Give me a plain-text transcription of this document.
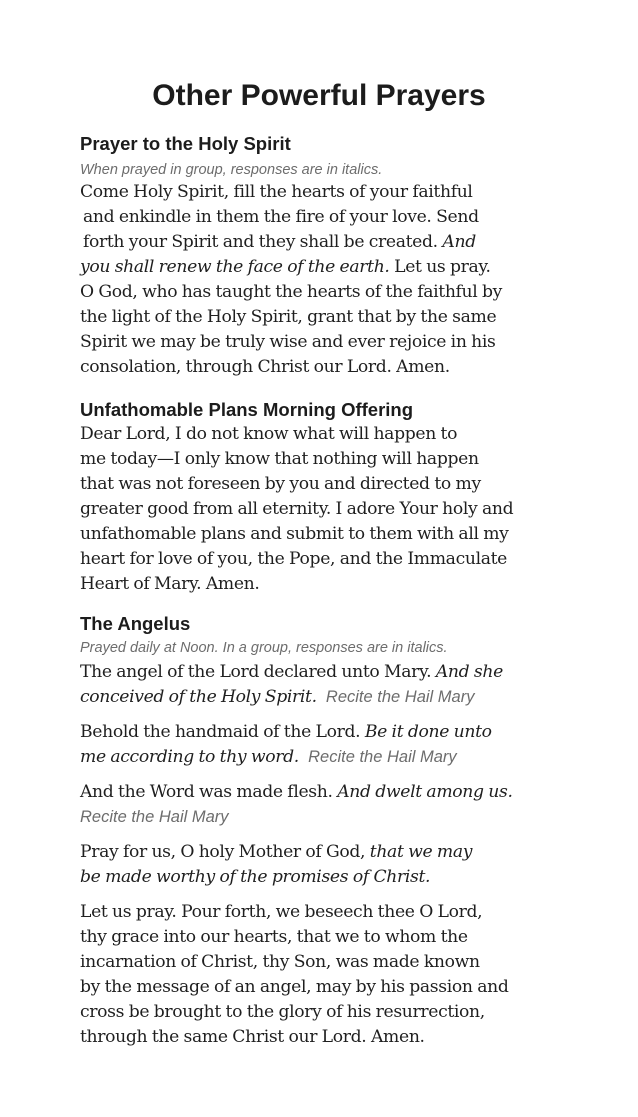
Other Powerful Prayers
Prayer to the Holy Spirit
When prayed in group, responses are in italics.
Come Holy Spirit, fill the hearts of your faithful
and enkindle in them the fire of your love. Send
forth your Spirit and they shall be created. And
you shall renew the face of the earth. Let us pray.
O God, who has taught the hearts of the faithful by
the light of the Holy Spirit, grant that by the same
Spirit we may be truly wise and ever rejoice in his
consolation, through Christ our Lord. Amen.
Unfathomable Plans Morning Offering
Dear Lord, I do not know what will happen to
me today—I only know that nothing will happen
that was not foreseen by you and directed to my
greater good from all eternity. I adore Your holy and
unfathomable plans and submit to them with all my
heart for love of you, the Pope, and the Immaculate
Heart of Mary. Amen.
The Angelus
Prayed daily at Noon. In a group, responses are in italics.
The angel of the Lord declared unto Mary. And she
conceived of the Holy Spirit. Recite the Hail Mary
Behold the handmaid of the Lord. Be it done unto
me according to thy word. Recite the Hail Mary
And the Word was made flesh. And dwelt among us.
Recite the Hail Mary
Pray for us, O holy Mother of God, that we may
be made worthy of the promises of Christ.
Let us pray. Pour forth, we beseech thee O Lord,
thy grace into our hearts, that we to whom the
incarnation of Christ, thy Son, was made known
by the message of an angel, may by his passion and
cross be brought to the glory of his resurrection,
through the same Christ our Lord. Amen.
